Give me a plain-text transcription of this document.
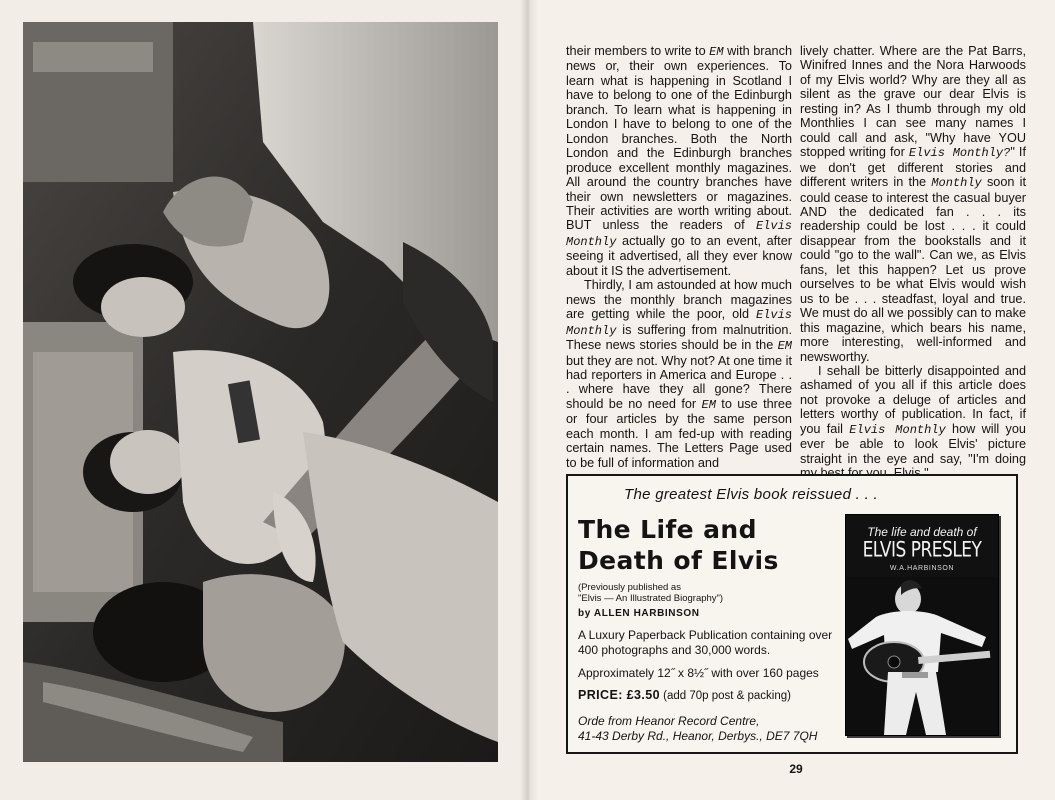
their members to write to EM with branch news or, their own experiences. To learn what is happening in Scotland I have to belong to one of the Edinburgh branch. To learn what is happening in London I have to belong to one of the London branches. Both the North London and the Edinburgh branches produce excellent monthly magazines. All around the country branches have their own newsletters or magazines. Their activities are worth writing about. BUT unless the readers of Elvis Monthly actually go to an event, after seeing it advertised, all they ever know about it IS the advertisement.

Thirdly, I am astounded at how much news the monthly branch magazines are getting while the poor, old Elvis Monthly is suffering from malnutrition. These news stories should be in the EM but they are not. Why not? At one time it had reporters in America and Europe . . . where have they all gone? There should be no need for EM to use three or four articles by the same person each month. I am fed-up with reading certain names. The Letters Page used to be full of information and

lively chatter. Where are the Pat Barrs, Winifred Innes and the Nora Harwoods of my Elvis world? Why are they all as silent as the grave our dear Elvis is resting in? As I thumb through my old Monthlies I can see many names I could call and ask, "Why have YOU stopped writing for Elvis Monthly?" If we don't get different stories and different writers in the Monthly soon it could cease to interest the casual buyer AND the dedicated fan . . . its readership could be lost . . . it could disappear from the bookstalls and it could "go to the wall". Can we, as Elvis fans, let this happen? Let us prove ourselves to be what Elvis would wish us to be . . . steadfast, loyal and true. We must do all we possibly can to make this magazine, which bears his name, more interesting, well-informed and newsworthy.

I sehall be bitterly disappointed and ashamed of you all if this article does not provoke a deluge of articles and letters worthy of publication. In fact, if you fail Elvis Monthly how will you ever be able to look Elvis' picture straight in the eye and say, "I'm doing

The greatest Elvis book reissued . . .
The Life and
Death of Elvis
(Previously published as
"Elvis — An Illustrated Biography")
by ALLEN HARBINSON
A Luxury Paperback Publication containing over 400 photographs and 30,000 words.
Approximately 12˝ x 8½˝ with over 160 pages
PRICE: £3.50 (add 70p post & packing)
Orde from Heanor Record Centre,
41-43 Derby Rd., Heanor, Derbys., DE7 7QH
The life and death of
ELVIS PRESLEY
W.A.HARBINSON
29
